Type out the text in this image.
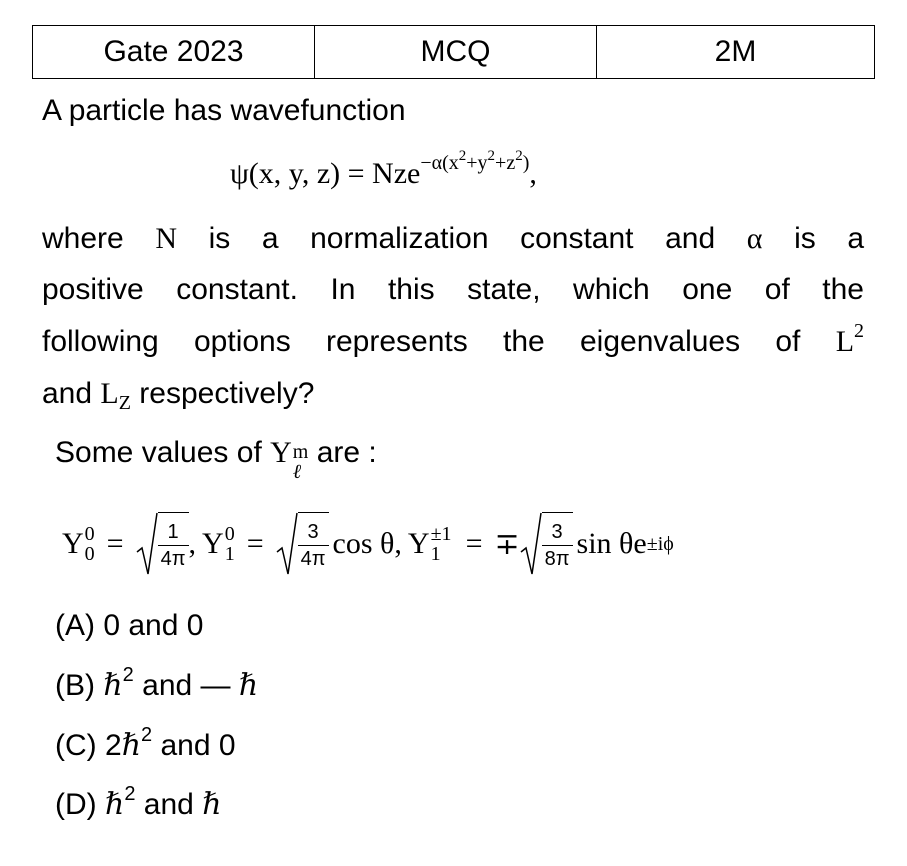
Gate 2023	MCQ	2M
A particle has wavefunction
ψ(x, y, z) = Nze$^{-\alpha(x^2+y^2+z^2)}$,
where N is a normalization constant and α is a
positive constant. In this state, which one of the
following options represents the eigenvalues of $L^2$
and $L_Z$ respectively?
Some values of Y m
ℓ
are :
Y 0
$0 = \frac{1}{4\pi}$ , Y 0
$1 = \frac{3}{4\pi}$ cos θ, Y ±1
1 = ∓ $\frac{3}{8\pi}$ sin θe ±iϕ
(A) 0 and 0
(B) ℏ$^2$ and — ℏ
(C) 2ℏ$^2$ and 0
(D) ℏ$^2$ and ℏ
